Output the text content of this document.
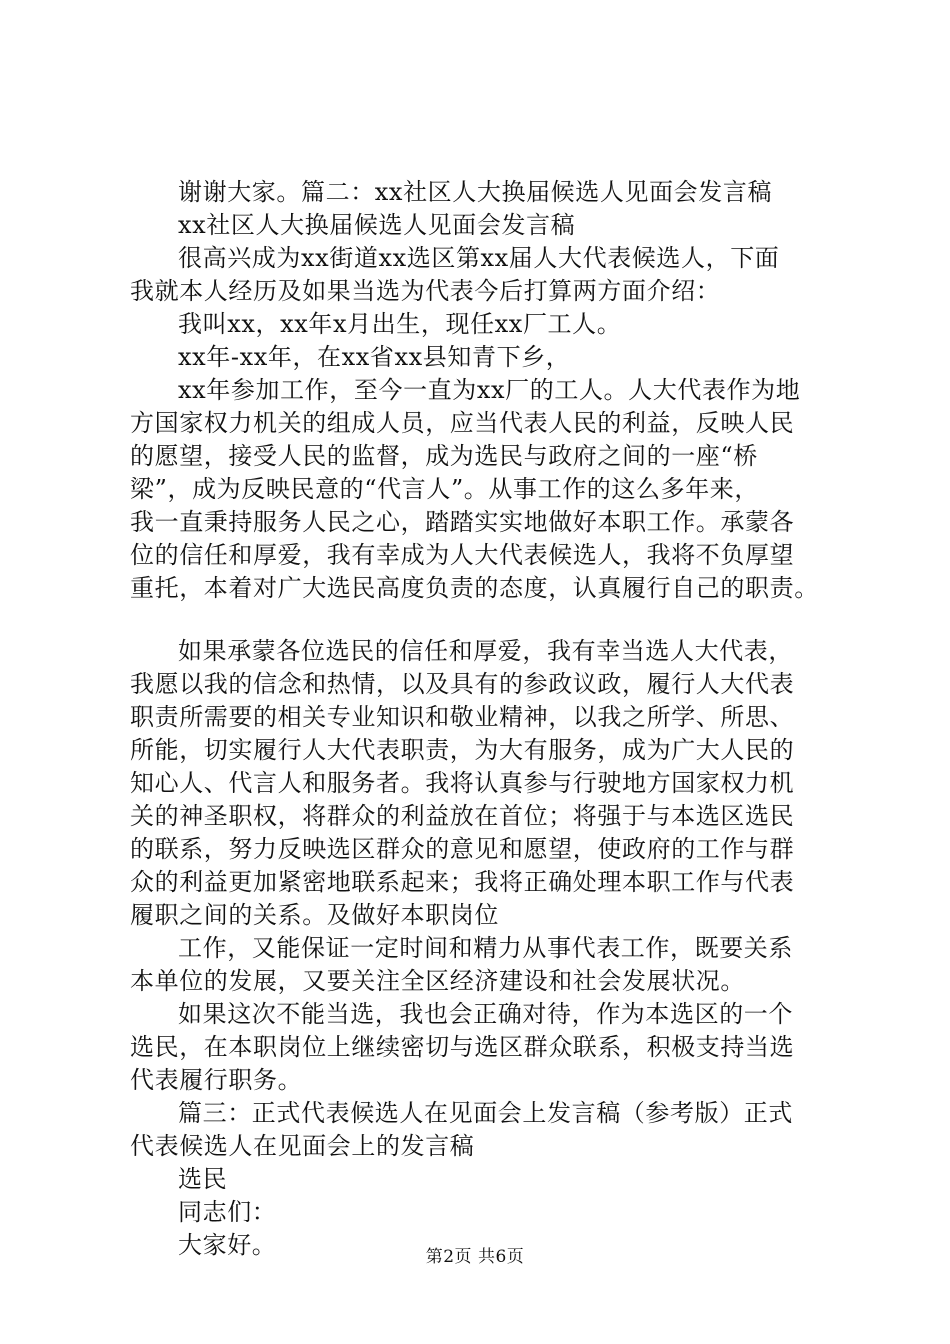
谢谢大家。篇二：xx社区人大换届候选人见面会发言稿
xx社区人大换届候选人见面会发言稿
很高兴成为xx街道xx选区第xx届人大代表候选人，下面
我就本人经历及如果当选为代表今后打算两方面介绍：
我叫xx，xx年x月出生，现任xx厂工人。
xx年-xx年，在xx省xx县知青下乡，
xx年参加工作，至今一直为xx厂的工人。人大代表作为地
方国家权力机关的组成人员，应当代表人民的利益，反映人民
的愿望，接受人民的监督，成为选民与政府之间的一座“桥
梁”，成为反映民意的“代言人”。从事工作的这么多年来，
我一直秉持服务人民之心，踏踏实实地做好本职工作。承蒙各
位的信任和厚爱，我有幸成为人大代表候选人，我将不负厚望
重托，本着对广大选民高度负责的态度，认真履行自己的职责。
如果承蒙各位选民的信任和厚爱，我有幸当选人大代表，
我愿以我的信念和热情，以及具有的参政议政，履行人大代表
职责所需要的相关专业知识和敬业精神，以我之所学、所思、
所能，切实履行人大代表职责，为大有服务，成为广大人民的
知心人、代言人和服务者。我将认真参与行驶地方国家权力机
关的神圣职权，将群众的利益放在首位；将强于与本选区选民
的联系，努力反映选区群众的意见和愿望，使政府的工作与群
众的利益更加紧密地联系起来；我将正确处理本职工作与代表
履职之间的关系。及做好本职岗位
工作，又能保证一定时间和精力从事代表工作，既要关系
本单位的发展，又要关注全区经济建设和社会发展状况。
如果这次不能当选，我也会正确对待，作为本选区的一个
选民，在本职岗位上继续密切与选区群众联系，积极支持当选
代表履行职务。
篇三：正式代表候选人在见面会上发言稿（参考版）正式
代表候选人在见面会上的发言稿
选民
同志们：
大家好。	第2页 共6页
